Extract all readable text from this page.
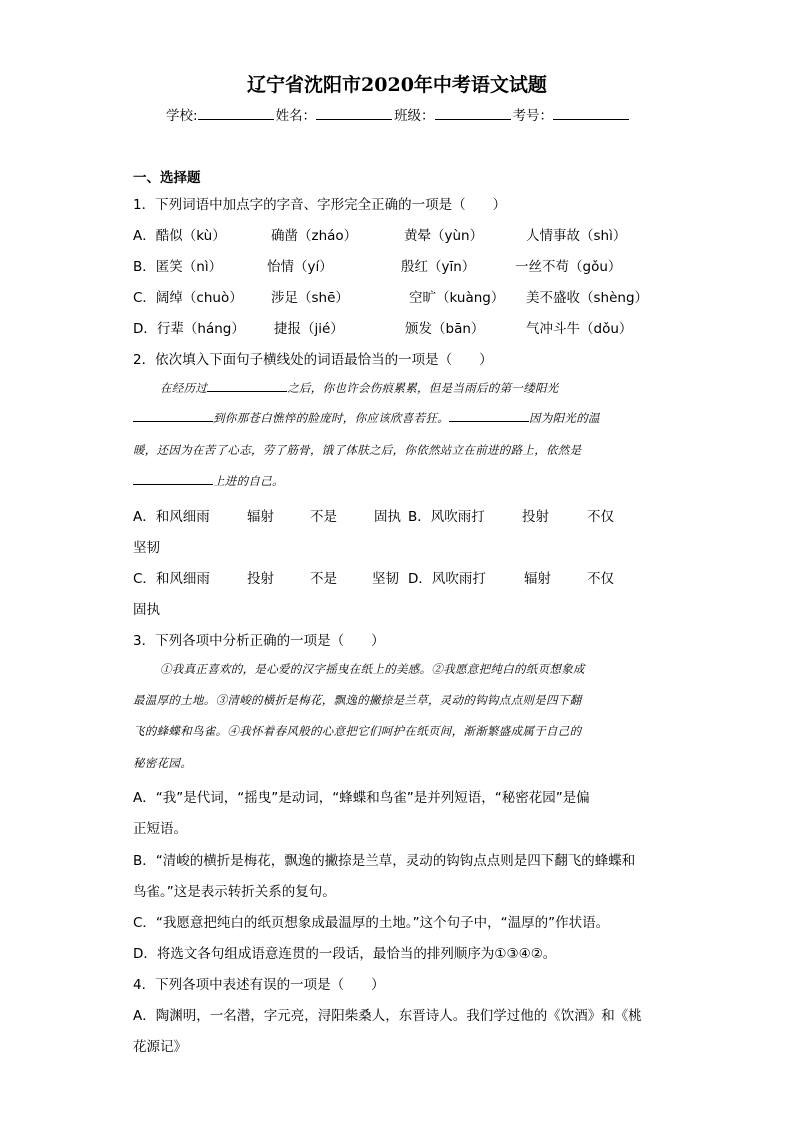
辽宁省沈阳市2020年中考语文试题
学校:	姓名：	班级：	考号：
一、选择题
1．下列词语中加点字的字音、字形完全正确的一项是（　　）
A．酷似（kù）	确凿（zháo）	黄晕（yùn）	人情事故（shì）
B．匿笑（nì）	怡情（yí）	殷红（yīn）	一丝不苟（gǒu）
C．阔绰（chuò） 涉足（shē）	空旷（kuàng） 美不盛收（shèng）
D．行辈（háng） 捷报（jié）	颁发（bān）	气冲斗牛（dǒu）
2．依次填入下面句子横线处的词语最恰当的一项是（　　）
在经历过	之后，你也许会伤痕累累，但是当雨后的第一缕阳光
到你那苍白憔悴的脸庞时，你应该欣喜若狂。	因为阳光的温
暖，还因为在苦了心志，劳了筋骨，饿了体肤之后，你依然站立在前进的路上，依然是
上进的自己。
A．和风细雨	辐射	不是	固执 B．风吹雨打	投射	不仅
坚韧
C．和风细雨	投射	不是	坚韧 D．风吹雨打	辐射	不仅
固执
3．下列各项中分析正确的一项是（　　）
①我真正喜欢的，是心爱的汉字摇曳在纸上的美感。②我愿意把纯白的纸页想象成
最温厚的土地。③清峻的横折是梅花，飘逸的撇捺是兰草，灵动的钩钩点点则是四下翻
飞的蜂蝶和鸟雀。④我怀着春风般的心意把它们呵护在纸页间，渐渐繁盛成属于自己的
秘密花园。
A．“我”是代词，“摇曳”是动词，“蜂蝶和鸟雀”是并列短语，“秘密花园”是偏
正短语。
B．“清峻的横折是梅花，飘逸的撇捺是兰草，灵动的钩钩点点则是四下翻飞的蜂蝶和
鸟雀。”这是表示转折关系的复句。
C．“我愿意把纯白的纸页想象成最温厚的土地。”这个句子中，“温厚的”作状语。
D．将选文各句组成语意连贯的一段话，最恰当的排列顺序为①③④②。
4．下列各项中表述有误的一项是（　　）
A．陶渊明，一名潜，字元亮，浔阳柴桑人，东晋诗人。我们学过他的《饮酒》和《桃
花源记》
